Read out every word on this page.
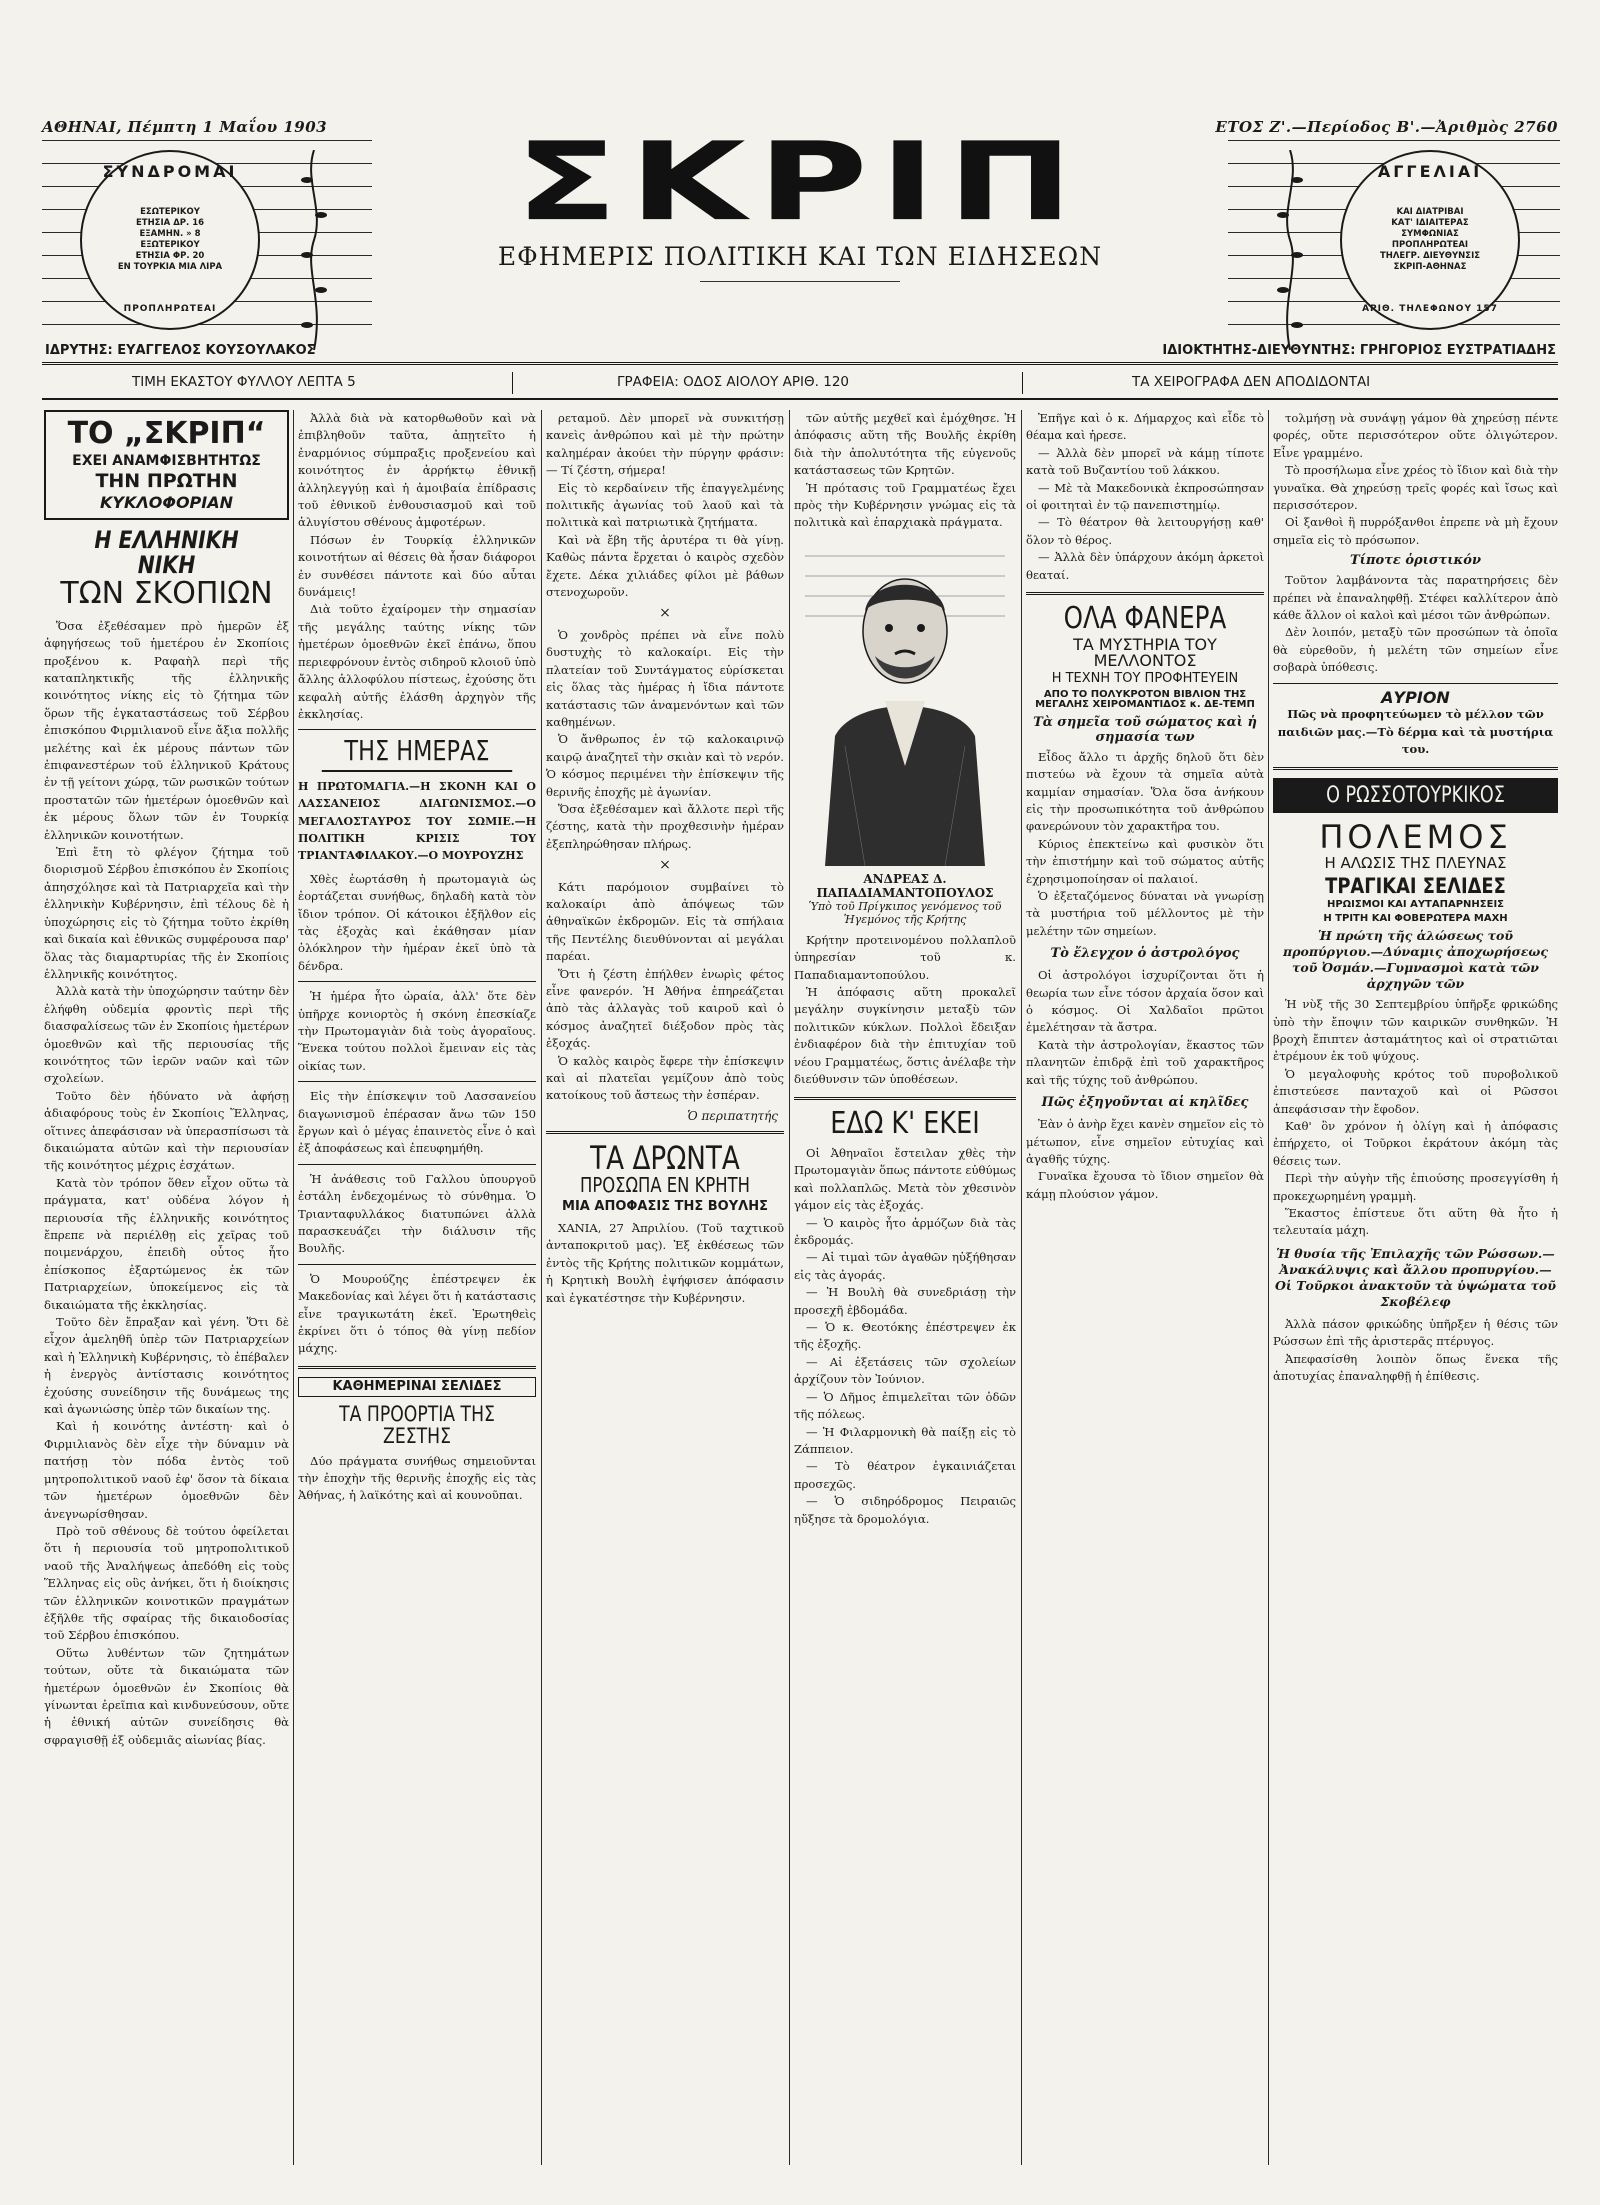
ΑΘΗΝΑΙ, Πέμπτη 1 Μαΐου 1903	ΕΤΟΣ Ζ'.—Περίοδος Β'.—Ἀριθμὸς 2760
ΣΥΝΔΡΟΜΑΙ
ΕΣΩΤΕΡΙΚΟΥ
ΕΤΗΣΙΑ ΔΡ. 16
ΕΞΑΜΗΝ. » 8
ΕΞΩΤΕΡΙΚΟΥ
ΕΤΗΣΙΑ ΦΡ. 20
ΕΝ ΤΟΥΡΚΙΑ ΜΙΑ ΛΙΡΑ
ΠΡΟΠΛΗΡΩΤΕΑΙ
ΑΓΓΕΛΙΑΙ
ΚΑΙ ΔΙΑΤΡΙΒΑΙ
ΚΑΤ' ΙΔΙΑΙΤΕΡΑΣ
ΣΥΜΦΩΝΙΑΣ
ΠΡΟΠΛΗΡΩΤΕΑΙ
ΤΗΛΕΓΡ. ΔΙΕΥΘΥΝΣΙΣ
ΣΚΡΙΠ-ΑΘΗΝΑΣ
ΑΡΙΘ. ΤΗΛΕΦΩΝΟΥ 157
ΣΚΡΙΠ
ΕΦΗΜΕΡΙΣ ΠΟΛΙΤΙΚΗ ΚΑΙ ΤΩΝ ΕΙΔΗΣΕΩΝ
ΙΔΡΥΤΗΣ: ΕΥΑΓΓΕΛΟΣ ΚΟΥΣΟΥΛΑΚΟΣ	ΙΔΙΟΚΤΗΤΗΣ-ΔΙΕΥΘΥΝΤΗΣ: ΓΡΗΓΟΡΙΟΣ ΕΥΣΤΡΑΤΙΑΔΗΣ
ΤΙΜΗ ΕΚΑΣΤΟΥ ΦΥΛΛΟΥ ΛΕΠΤΑ 5	ΓΡΑΦΕΙΑ: ΟΔΟΣ ΑΙΟΛΟΥ ΑΡΙΘ. 120	ΤΑ ΧΕΙΡΟΓΡΑΦΑ ΔΕΝ ΑΠΟΔΙΔΟΝΤΑΙ
ΤΟ „ΣΚΡΙΠ“
ΕΧΕΙ ΑΝΑΜΦΙΣΒΗΤΗΤΩΣ
ΤΗΝ ΠΡΩΤΗΝ
ΚΥΚΛΟΦΟΡΙΑΝ
Η ΕΛΛΗΝΙΚΗ ΝΙΚΗ
ΤΩΝ ΣΚΟΠΙΩΝ

Ὅσα ἐξεθέσαμεν πρὸ ἡμερῶν ἐξ ἀφηγήσεως τοῦ ἡμετέρου ἐν Σκοπίοις προξένου κ. Ραφαὴλ περὶ τῆς καταπληκτικῆς τῆς ἑλληνικῆς κοινότητος νίκης εἰς τὸ ζήτημα τῶν ὅρων τῆς ἐγκαταστάσεως τοῦ Σέρβου ἐπισκόπου Φιρμιλιανοῦ εἶνε ἄξια πολλῆς μελέτης καὶ ἐκ μέρους πάντων τῶν ἐπιφανεστέρων τοῦ ἑλληνικοῦ Κράτους ἐν τῇ γείτονι χώρᾳ, τῶν ρωσικῶν τούτων προστατῶν τῶν ἡμετέρων ὁμοεθνῶν καὶ ἐκ μέρους ὅλων τῶν ἐν Τουρκίᾳ ἑλληνικῶν κοινοτήτων.

Ἐπὶ ἔτη τὸ φλέγον ζήτημα τοῦ διορισμοῦ Σέρβου ἐπισκόπου ἐν Σκοπίοις ἀπησχόλησε καὶ τὰ Πατριαρχεῖα καὶ τὴν ἑλληνικὴν Κυβέρνησιν, ἐπὶ τέλους δὲ ἡ ὑποχώρησις εἰς τὸ ζήτημα τοῦτο ἐκρίθη καὶ δικαία καὶ ἐθνικῶς συμφέρουσα παρ' ὅλας τὰς διαμαρτυρίας τῆς ἐν Σκοπίοις ἑλληνικῆς κοινότητος.

Ἀλλὰ κατὰ τὴν ὑποχώρησιν ταύτην δὲν ἐλήφθη οὐδεμία φροντὶς περὶ τῆς διασφαλίσεως τῶν ἐν Σκοπίοις ἡμετέρων ὁμοεθνῶν καὶ τῆς περιουσίας τῆς κοινότητος τῶν ἱερῶν ναῶν καὶ τῶν σχολείων.

Τοῦτο δὲν ἠδύνατο νὰ ἀφήσῃ ἀδιαφόρους τοὺς ἐν Σκοπίοις Ἕλληνας, οἵτινες ἀπεφάσισαν νὰ ὑπερασπίσωσι τὰ δικαιώματα αὐτῶν καὶ τὴν περιουσίαν τῆς κοινότητος μέχρις ἐσχάτων.

Κατὰ τὸν τρόπον ὅθεν εἶχον οὕτω τὰ πράγματα, κατ' οὐδένα λόγον ἡ περιουσία τῆς ἑλληνικῆς κοινότητος ἔπρεπε νὰ περιέλθῃ εἰς χεῖρας τοῦ ποιμενάρχου, ἐπειδὴ οὗτος ἦτο ἐπίσκοπος ἐξαρτώμενος ἐκ τῶν Πατριαρχείων, ὑποκείμενος εἰς τὰ δικαιώματα τῆς ἐκκλησίας.

Τοῦτο δὲν ἔπραξαν καὶ γένη. Ὅτι δὲ εἶχον ἀμεληθῆ ὑπὲρ τῶν Πατριαρχείων καὶ ἡ Ἑλληνικὴ Κυβέρνησις, τὸ ἐπέβαλεν ἡ ἐνεργὸς ἀντίστασις κοινότητος ἐχούσης συνείδησιν τῆς δυνάμεως της καὶ ἀγωνιώσης ὑπὲρ τῶν δικαίων της.

Καὶ ἡ κοινότης ἀντέστη· καὶ ὁ Φιρμιλιανὸς δὲν εἶχε τὴν δύναμιν νὰ πατήσῃ τὸν πόδα ἐντὸς τοῦ μητροπολιτικοῦ ναοῦ ἐφ' ὅσον τὰ δίκαια τῶν ἡμετέρων ὁμοεθνῶν δὲν ἀνεγνωρίσθησαν.

Πρὸ τοῦ σθένους δὲ τούτου ὀφείλεται ὅτι ἡ περιουσία τοῦ μητροπολιτικοῦ ναοῦ τῆς Ἀναλήψεως ἀπεδόθη εἰς τοὺς Ἕλληνας εἰς οὓς ἀνήκει, ὅτι ἡ διοίκησις τῶν ἑλληνικῶν κοινοτικῶν πραγμάτων ἐξῆλθε τῆς σφαίρας τῆς δικαιοδοσίας τοῦ Σέρβου ἐπισκόπου.

Οὕτω λυθέντων τῶν ζητημάτων τούτων, οὔτε τὰ δικαιώματα τῶν ἡμετέρων ὁμοεθνῶν ἐν Σκοπίοις θὰ γίνωνται ἐρεῖπια καὶ κινδυνεύσουν, οὔτε ἡ ἐθνική αὐτῶν συνείδησις θὰ σφραγισθῇ ἐξ οὐδεμιᾶς αἰωνίας βίας.

Ἀλλὰ διὰ νὰ κατορθωθοῦν καὶ νὰ ἐπιβληθοῦν ταῦτα, ἀπῃτεῖτο ἡ ἐναρμόνιος σύμπραξις προξενείου καὶ κοινότητος ἐν ἀρρήκτῳ ἐθνικῇ ἀλληλεγγύῃ καὶ ἡ ἀμοιβαία ἐπίδρασις τοῦ ἐθνικοῦ ἐνθουσιασμοῦ καὶ τοῦ ἀλυγίστου σθένους ἀμφοτέρων.

Πόσων ἐν Τουρκίᾳ ἑλληνικῶν κοινοτήτων αἱ θέσεις θὰ ἦσαν διάφοροι ἐν συνθέσει πάντοτε καὶ δύο αὗται δυνάμεις!

Διὰ τοῦτο ἐχαίρομεν τὴν σημασίαν τῆς μεγάλης ταύτης νίκης τῶν ἡμετέρων ὁμοεθνῶν ἐκεῖ ἐπάνω, ὅπου περιεφρόνουν ἐντὸς σιδηροῦ κλοιοῦ ὑπὸ ἄλλης ἀλλοφύλου πίστεως, ἐχούσης ὅτι κεφαλὴ αὐτῆς ἐλάσθη ἀρχηγὸν τῆς ἐκκλησίας.

ΤΗΣ ΗΜΕΡΑΣ
Η ΠΡΩΤΟΜΑΓΙΑ.—Η ΣΚΟΝΗ ΚΑΙ Ο ΛΑΣΣΑΝΕΙΟΣ ΔΙΑΓΩΝΙΣΜΟΣ.—Ο ΜΕΓΑΛΟΣΤΑΥΡΟΣ ΤΟΥ ΣΩΜΙΕ.—Η ΠΟΛΙΤΙΚΗ ΚΡΙΣΙΣ ΤΟΥ ΤΡΙΑΝΤΑΦΙΛΑΚΟΥ.—Ο ΜΟΥΡΟΥΖΗΣ

Χθὲς ἐωρτάσθη ἡ πρωτομαγιὰ ὡς ἑορτάζεται συνήθως, δηλαδὴ κατὰ τὸν ἴδιον τρόπον. Οἱ κάτοικοι ἐξῆλθον εἰς τὰς ἐξοχὰς καὶ ἐκάθησαν μίαν ὁλόκληρον τὴν ἡμέραν ἐκεῖ ὑπὸ τὰ δένδρα.

Ἡ ἡμέρα ἦτο ὡραία, ἀλλ' ὅτε δὲν ὑπῆρχε κονιορτὸς ἡ σκόνη ἐπεσκίαζε τὴν Πρωτομαγιὰν διὰ τοὺς ἀγοραῖους. Ἕνεκα τούτου πολλοὶ ἔμειναν εἰς τὰς οἰκίας των.

Εἰς τὴν ἐπίσκεψιν τοῦ Λασσανείου διαγωνισμοῦ ἐπέρασαν ἄνω τῶν 150 ἔργων καὶ ὁ μέγας ἐπαινετὸς εἶνε ὁ καὶ ἐξ ἀποφάσεως καὶ ἐπευφημήθη.

Ἡ ἀνάθεσις τοῦ Γαλλου ὑπουργοῦ ἐστάλη ἐνδεχομένως τὸ σύνθημα. Ὁ Τριανταφυλλάκος διατυπώνει ἀλλὰ παρασκευάζει τὴν διάλυσιν τῆς Βουλῆς.

Ὁ Μουρούζης ἐπέστρεψεν ἐκ Μακεδονίας καὶ λέγει ὅτι ἡ κατάστασις εἶνε τραγικωτάτη ἐκεῖ. Ἐρωτηθεὶς ἐκρίνει ὅτι ὁ τόπος θὰ γίνῃ πεδίον μάχης.

ΚΑΘΗΜΕΡΙΝΑΙ ΣΕΛΙΔΕΣ
ΤΑ ΠΡΟΟΡΤΙΑ ΤΗΣ ΖΕΣΤΗΣ

Δύο πράγματα συνήθως σημειοῦνται τὴν ἐποχὴν τῆς θερινῆς ἐποχῆς εἰς τὰς Ἀθήνας, ἡ λαϊκότης καὶ αἱ κουνοῦπαι.

ρεταμοῦ. Δὲν μπορεῖ νὰ συνκιτήσῃ κανεὶς ἀνθρώπου καὶ μὲ τὴν πρώτην καλημέραν ἀκούει τὴν πύργην φράσιν: — Τί ζέστη, σήμερα!

Εἰς τὸ κερδαίνειν τῆς ἐπαγγελμένης πολιτικῆς ἀγωνίας τοῦ λαοῦ καὶ τὰ πολιτικὰ καὶ πατριωτικὰ ζητήματα.

Καὶ νὰ ἔβη τῆς ἀρυτέρα τι θὰ γίνῃ. Καθὼς πάντα ἔρχεται ὁ καιρὸς σχεδὸν ἔχετε. Δέκα χιλιάδες φίλοι μὲ βάθων στενοχωροῦν.

×

Ὁ χονδρὸς πρέπει νὰ εἶνε πολὺ δυστυχὴς τὸ καλοκαίρι. Εἰς τὴν πλατείαν τοῦ Συντάγματος εὑρίσκεται εἰς ὅλας τὰς ἡμέρας ἡ ἴδια πάντοτε κατάστασις τῶν ἀναμενόντων καὶ τῶν καθημένων.

Ὁ ἄνθρωπος ἐν τῷ καλοκαιρινῷ καιρῷ ἀναζητεῖ τὴν σκιὰν καὶ τὸ νερόν. Ὁ κόσμος περιμένει τὴν ἐπίσκεψιν τῆς θερινῆς ἐποχῆς μὲ ἀγωνίαν.

Ὅσα ἐξεθέσαμεν καὶ ἄλλοτε περὶ τῆς ζέστης, κατὰ τὴν προχθεσινὴν ἡμέραν ἐξεπληρώθησαν πλήρως.

×

Κάτι παρόμοιον συμβαίνει τὸ καλοκαίρι ἀπὸ ἀπόψεως τῶν ἀθηναϊκῶν ἐκδρομῶν. Εἰς τὰ σπήλαια τῆς Πεντέλης διευθύνονται αἱ μεγάλαι παρέαι.

Ὅτι ἡ ζέστη ἐπήλθεν ἐνωρὶς φέτος εἶνε φανερόν. Ἡ Ἀθήνα ἐπηρεάζεται ἀπὸ τὰς ἀλλαγὰς τοῦ καιροῦ καὶ ὁ κόσμος ἀναζητεῖ διέξοδον πρὸς τὰς ἐξοχάς.

Ὁ καλὸς καιρὸς ἔφερε τὴν ἐπίσκεψιν καὶ αἱ πλατεῖαι γεμίζουν ἀπὸ τοὺς κατοίκους τοῦ ἄστεως τὴν ἑσπέραν.

Ὁ περιπατητής
ΤΑ ΔΡΩΝΤΑ
ΠΡΟΣΩΠΑ ΕΝ ΚΡΗΤΗ
ΜΙΑ ΑΠΟΦΑΣΙΣ ΤΗΣ ΒΟΥΛΗΣ

ΧΑΝΙΑ, 27 Ἀπριλίου. (Τοῦ ταχτικοῦ ἀνταποκριτοῦ μας). Ἐξ ἐκθέσεως τῶν ἐντὸς τῆς Κρήτης πολιτικῶν κομμάτων, ἡ Κρητικὴ Βουλὴ ἐψήφισεν ἀπόφασιν καὶ ἐγκατέστησε τὴν Κυβέρνησιν.

τῶν αὐτῆς μεχθεῖ καὶ ἐμόχθησε. Ἡ ἀπόφασις αὕτη τῆς Βουλῆς ἐκρίθη διὰ τὴν ἀπολυτότητα τῆς εὐγενοῦς κατάστασεως τῶν Κρητῶν.

Ἡ πρότασις τοῦ Γραμματέως ἔχει πρὸς τὴν Κυβέρνησιν γνώμας εἰς τὰ πολιτικὰ καὶ ἐπαρχιακὰ πράγματα.

ΑΝΔΡΕΑΣ Δ. ΠΑΠΑΔΙΑΜΑΝΤΟΠΟΥΛΟΣ
Ὑπὸ τοῦ Πρίγκιπος γενόμενος τοῦ Ἡγεμόνος τῆς Κρήτης

Κρήτην προτεινομένου πολλαπλοῦ ὑπηρεσίαν τοῦ κ. Παπαδιαμαντοπούλου.

Ἡ ἀπόφασις αὕτη προκαλεῖ μεγάλην συγκίνησιν μεταξὺ τῶν πολιτικῶν κύκλων. Πολλοὶ ἔδειξαν ἐνδιαφέρον διὰ τὴν ἐπιτυχίαν τοῦ νέου Γραμματέως, ὅστις ἀνέλαβε τὴν διεύθυνσιν τῶν ὑποθέσεων.

ΕΔΩ Κ' ΕΚΕΙ

Οἱ Ἀθηναῖοι ἔστειλαν χθὲς τὴν Πρωτομαγιὰν ὅπως πάντοτε εὐθύμως καὶ πολλαπλῶς. Μετὰ τὸν χθεσινὸν γάμον εἰς τὰς ἐξοχάς.

— Ὁ καιρὸς ἦτο ἁρμόζων διὰ τὰς ἐκδρομάς.

— Αἱ τιμαὶ τῶν ἀγαθῶν ηὐξήθησαν εἰς τὰς ἀγοράς.

— Ἡ Βουλὴ θὰ συνεδριάσῃ τὴν προσεχῆ ἑβδομάδα.

— Ὁ κ. Θεοτόκης ἐπέστρεψεν ἐκ τῆς ἐξοχῆς.

— Αἱ ἐξετάσεις τῶν σχολείων ἀρχίζουν τὸν Ἰούνιον.

— Ὁ Δῆμος ἐπιμελεῖται τῶν ὁδῶν τῆς πόλεως.

— Ἡ Φιλαρμονικὴ θὰ παίξῃ εἰς τὸ Ζάππειον.

— Τὸ θέατρον ἐγκαινιάζεται προσεχῶς.

— Ὁ σιδηρόδρομος Πειραιῶς ηὔξησε τὰ δρομολόγια.

Ἐπῆγε καὶ ὁ κ. Δήμαρχος καὶ εἶδε τὸ θέαμα καὶ ἠρεσε.

— Ἀλλὰ δὲν μπορεῖ νὰ κάμῃ τίποτε κατὰ τοῦ Βυζαντίου τοῦ λάκκου.

— Μὲ τὰ Μακεδονικὰ ἐκπροσώπησαν οἱ φοιτηταὶ ἐν τῷ πανεπιστημίῳ.

— Τὸ θέατρον θὰ λειτουργήσῃ καθ' ὅλον τὸ θέρος.

— Ἀλλὰ δὲν ὑπάρχουν ἀκόμη ἀρκετοὶ θεαταί.

ΟΛΑ ΦΑΝΕΡΑ
ΤΑ ΜΥΣΤΗΡΙΑ ΤΟΥ ΜΕΛΛΟΝΤΟΣ
Η ΤΕΧΝΗ ΤΟΥ ΠΡΟΦΗΤΕΥΕΙΝ
ΑΠΟ ΤΟ ΠΟΛΥΚΡΟΤΟΝ ΒΙΒΛΙΟΝ ΤΗΣ ΜΕΓΑΛΗΣ ΧΕΙΡΟΜΑΝΤΙΔΟΣ κ. ΔΕ-ΤΕΜΠ
Τὰ σημεῖα τοῦ σώματος καὶ ἡ σημασία των

Εἶδος ἄλλο τι ἀρχῆς δηλοῦ ὅτι δὲν πιστεύω νὰ ἔχουν τὰ σημεῖα αὐτὰ καμμίαν σημασίαν. Ὅλα ὅσα ἀνήκουν εἰς τὴν προσωπικότητα τοῦ ἀνθρώπου φανερώνουν τὸν χαρακτῆρα του.

Κύριος ἐπεκτείνω καὶ φυσικὸν ὅτι τὴν ἐπιστήμην καὶ τοῦ σώματος αὐτῆς ἐχρησιμοποίησαν οἱ παλαιοί.

Ὁ ἐξεταζόμενος δύναται νὰ γνωρίσῃ τὰ μυστήρια τοῦ μέλλοντος μὲ τὴν μελέτην τῶν σημείων.

Τὸ ἔλεγχον ὁ ἀστρολόγος

Οἱ ἀστρολόγοι ἰσχυρίζονται ὅτι ἡ θεωρία των εἶνε τόσον ἀρχαία ὅσον καὶ ὁ κόσμος. Οἱ Χαλδαῖοι πρῶτοι ἐμελέτησαν τὰ ἄστρα.

Κατὰ τὴν ἀστρολογίαν, ἕκαστος τῶν πλανητῶν ἐπιδρᾷ ἐπὶ τοῦ χαρακτῆρος καὶ τῆς τύχης τοῦ ἀνθρώπου.

Πῶς ἐξηγοῦνται αἱ κηλῖδες

Ἐὰν ὁ ἀνὴρ ἔχει κανὲν σημεῖον εἰς τὸ μέτωπον, εἶνε σημεῖον εὐτυχίας καὶ ἀγαθῆς τύχης.

Γυναῖκα ἔχουσα τὸ ἴδιον σημεῖον θὰ κάμῃ πλούσιον γάμον.

τολμήσῃ νὰ συνάψῃ γάμον θὰ χηρεύσῃ πέντε φορές, οὔτε περισσότερον οὔτε ὀλιγώτερον. Εἶνε γραμμένο.

Τὸ προσήλωμα εἶνε χρέος τὸ ἴδιον καὶ διὰ τὴν γυναῖκα. Θὰ χηρεύσῃ τρεῖς φορές καὶ ἴσως καὶ περισσότερον.

Οἱ ξανθοὶ ἢ πυρρόξανθοι ἐπρεπε νὰ μὴ ἔχουν σημεῖα εἰς τὸ πρόσωπον.

Τίποτε ὁριστικόν

Τοῦτον λαμβάνοντα τὰς παρατηρήσεις δὲν πρέπει νὰ ἐπαναληφθῇ. Στέφει καλλίτερον ἀπὸ κάθε ἄλλον οἱ καλοὶ καὶ μέσοι τῶν ἀνθρώπων.

Δὲν λοιπόν, μεταξὺ τῶν προσώπων τὰ ὁποῖα θὰ εὑρεθοῦν, ἡ μελέτη τῶν σημείων εἶνε σοβαρὰ ὑπόθεσις.

ΑΥΡΙΟΝ
Πῶς νὰ προφητεύωμεν τὸ μέλλον τῶν παιδιῶν μας.—Τὸ δέρμα καὶ τὰ μυστήρια του.
Ο ΡΩΣΣΟΤΟΥΡΚΙΚΟΣ
ΠΟΛΕΜΟΣ
Η ΑΛΩΣΙΣ ΤΗΣ ΠΛΕΥΝΑΣ
ΤΡΑΓΙΚΑΙ ΣΕΛΙΔΕΣ
ΗΡΩΙΣΜΟΙ ΚΑΙ ΑΥΤΑΠΑΡΝΗΣΕΙΣ
Η ΤΡΙΤΗ ΚΑΙ ΦΟΒΕΡΩΤΕΡΑ ΜΑΧΗ
Ἡ πρώτη τῆς ἁλώσεως τοῦ προπύργιου.—Δύναμις ἀποχωρήσεως τοῦ Ὀσμάν.—Γυμνασμοὶ κατὰ τῶν ἀρχηγῶν τῶν

Ἡ νὺξ τῆς 30 Σεπτεμβρίου ὑπῆρξε φρικώδης ὑπὸ τὴν ἔποψιν τῶν καιρικῶν συνθηκῶν. Ἡ βροχὴ ἔπιπτεν ἀσταμάτητος καὶ οἱ στρατιῶται ἐτρέμουν ἐκ τοῦ ψύχους.

Ὁ μεγαλοφυὴς κρότος τοῦ πυροβολικοῦ ἐπιστεύεσε πανταχοῦ καὶ οἱ Ρῶσσοι ἀπεφάσισαν τὴν ἔφοδον.

Καθ' ὃν χρόνον ἡ ὀλίγη καὶ ἡ ἀπόφασις ἐπήρχετο, οἱ Τοῦρκοι ἐκράτουν ἀκόμη τὰς θέσεις των.

Περὶ τὴν αὐγὴν τῆς ἐπιούσης προσεγγίσθη ἡ προκεχωρημένη γραμμὴ.

Ἕκαστος ἐπίστευε ὅτι αὕτη θὰ ἦτο ἡ τελευταία μάχη.

Ἡ θυσία τῆς Ἐπιλαχῆς τῶν Ρώσσων.—Ἀνακάλυψις καὶ ἄλλου προπυργίου.—Οἱ Τοῦρκοι ἀνακτοῦν τὰ ὑψώματα τοῦ Σκοβέλεφ

Ἀλλὰ πάσον φρικώδης ὑπῆρξεν ἡ θέσις τῶν Ρώσσων ἐπὶ τῆς ἀριστερᾶς πτέρυγος.

Ἀπεφασίσθη λοιπὸν ὅπως ἕνεκα τῆς ἀποτυχίας ἐπαναληφθῇ ἡ ἐπίθεσις.
